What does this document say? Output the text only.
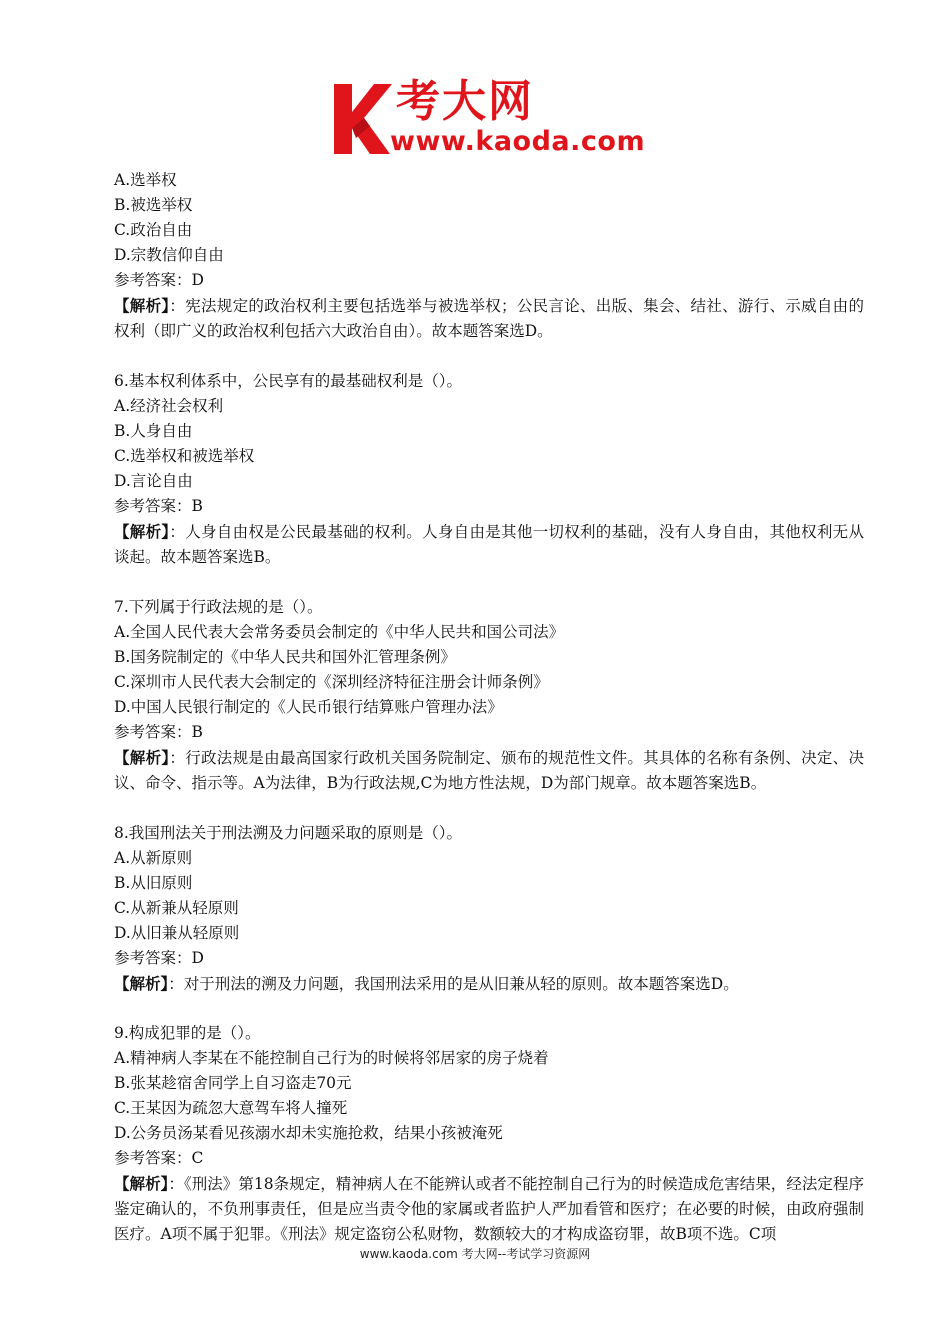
考大网
www.kaoda.com
A.选举权
B.被选举权
C.政治自由
D.宗教信仰自由
参考答案：D
【解析】：宪法规定的政治权利主要包括选举与被选举权；公民言论、出版、集会、结社、游行、示威自由的权利（即广义的政治权利包括六大政治自由）。故本题答案选D。
6.基本权利体系中，公民享有的最基础权利是（）。
A.经济社会权利
B.人身自由
C.选举权和被选举权
D.言论自由
参考答案：B
【解析】：人身自由权是公民最基础的权利。人身自由是其他一切权利的基础，没有人身自由，其他权利无从谈起。故本题答案选B。
7.下列属于行政法规的是（）。
A.全国人民代表大会常务委员会制定的《中华人民共和国公司法》
B.国务院制定的《中华人民共和国外汇管理条例》
C.深圳市人民代表大会制定的《深圳经济特征注册会计师条例》
D.中国人民银行制定的《人民币银行结算账户管理办法》
参考答案：B
【解析】：行政法规是由最高国家行政机关国务院制定、颁布的规范性文件。其具体的名称有条例、决定、决议、命令、指示等。A为法律，B为行政法规,C为地方性法规，D为部门规章。故本题答案选B。
8.我国刑法关于刑法溯及力问题采取的原则是（）。
A.从新原则
B.从旧原则
C.从新兼从轻原则
D.从旧兼从轻原则
参考答案：D
【解析】：对于刑法的溯及力问题，我国刑法采用的是从旧兼从轻的原则。故本题答案选D。
9.构成犯罪的是（）。
A.精神病人李某在不能控制自己行为的时候将邻居家的房子烧着
B.张某趁宿舍同学上自习盗走70元
C.王某因为疏忽大意驾车将人撞死
D.公务员汤某看见孩溺水却未实施抢救，结果小孩被淹死
参考答案：C
【解析】：《刑法》第18条规定，精神病人在不能辨认或者不能控制自己行为的时候造成危害结果，经法定程序鉴定确认的，不负刑事责任，但是应当责令他的家属或者监护人严加看管和医疗；在必要的时候，由政府强制医疗。A项不属于犯罪。《刑法》规定盗窃公私财物，数额较大的才构成盗窃罪，故B项不选。C项
www.kaoda.com 考大网--考试学习资源网
